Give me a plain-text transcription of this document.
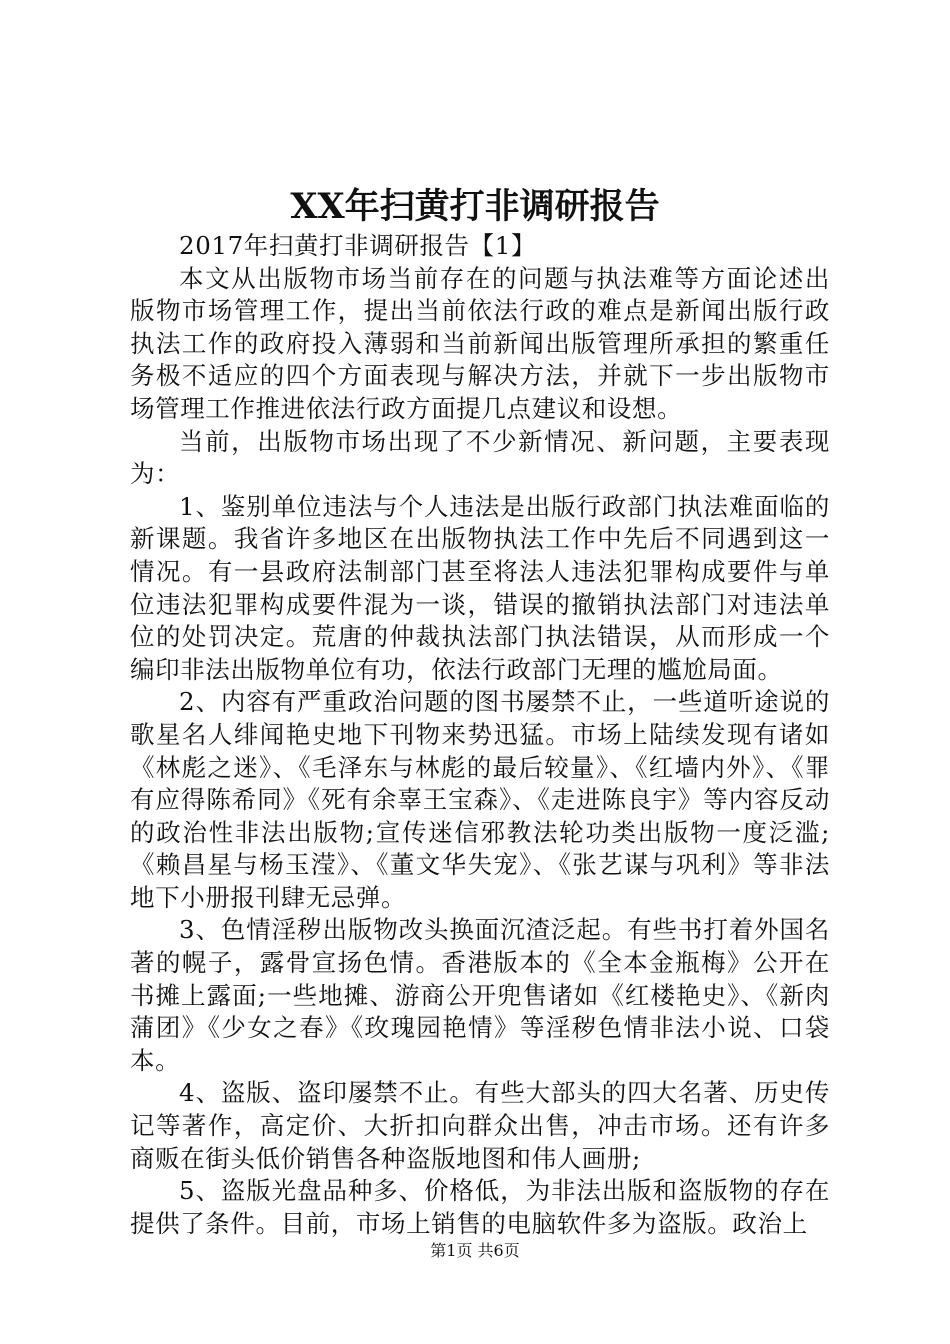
XX年扫黄打非调研报告

2017年扫黄打非调研报告【1】

本文从出版物市场当前存在的问题与执法难等方面论述出版物市场管理工作，提出当前依法行政的难点是新闻出版行政执法工作的政府投入薄弱和当前新闻出版管理所承担的繁重任务极不适应的四个方面表现与解决方法，并就下一步出版物市场管理工作推进依法行政方面提几点建议和设想。

当前，出版物市场出现了不少新情况、新问题，主要表现为：

1、鉴别单位违法与个人违法是出版行政部门执法难面临的新课题。我省许多地区在出版物执法工作中先后不同遇到这一情况。有一县政府法制部门甚至将法人违法犯罪构成要件与单位违法犯罪构成要件混为一谈，错误的撤销执法部门对违法单位的处罚决定。荒唐的仲裁执法部门执法错误，从而形成一个编印非法出版物单位有功，依法行政部门无理的尴尬局面。

2、内容有严重政治问题的图书屡禁不止，一些道听途说的歌星名人绯闻艳史地下刊物来势迅猛。市场上陆续发现有诸如《林彪之迷》、《毛泽东与林彪的最后较量》、《红墙内外》、《罪有应得陈希同》《死有余辜王宝森》、《走进陈良宇》等内容反动的政治性非法出版物;宣传迷信邪教法轮功类出版物一度泛滥;《赖昌星与杨玉滢》、《董文华失宠》、《张艺谋与巩利》等非法地下小册报刊肆无忌弹。

3、色情淫秽出版物改头换面沉渣泛起。有些书打着外国名著的幌子，露骨宣扬色情。香港版本的《全本金瓶梅》公开在书摊上露面;一些地摊、游商公开兜售诸如《红楼艳史》、《新肉蒲团》《少女之春》《玫瑰园艳情》等淫秽色情非法小说、口袋本。

4、盗版、盗印屡禁不止。有些大部头的四大名著、历史传记等著作，高定价、大折扣向群众出售，冲击市场。还有许多商贩在街头低价销售各种盗版地图和伟人画册;

5、盗版光盘品种多、价格低，为非法出版和盗版物的存在提供了条件。目前，市场上销售的电脑软件多为盗版。政治上

第1页 共6页
